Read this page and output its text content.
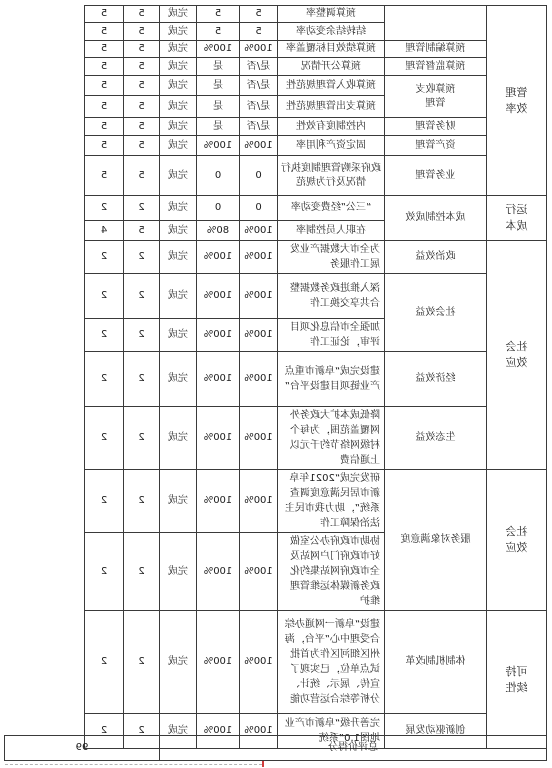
管理效率		预算调整率	5	5	完成	5	5
		结转结余变动率	5	5	完成	5	5
	预算编制管理	预算绩效目标覆盖率	100%	100%	完成	5	5
	预算监督管理	预算公开情况	是/否	是	完成	5	5
	预算收支管理	预算收入管理规范性	是/否	是	完成	5	5
		预算支出管理规范性	是/否	是	完成	5	5
	财务管理	内控制度有效性	是/否	是	完成	5	5
	资产管理	固定资产利用率	100%	100%	完成	5	5
	业务管理	政府采购管理制度执行情况及行为规范	0	0	完成	5	5
运行成本	成本控制成效	“三公”经费变动率	0	0	完成	2	2
		在职人员控制率	100%	80%	完成	5	4
社会效应	政治效益	为全市大数据产业发展工作服务	100%	100%	完成	2	2
	社会效益	深入推进政务数据整合共享交换工作	100%	100%	完成	2	2
		加强全市信息化项目评审，论证工作	100%	100%	完成	2	2
	经济效益	建设完成“阜新市重点产业链项目建设平台”	100%	100%	完成	2	2
	生态效益	降低成本扩大政务外网覆盖范围，为每个村级网络节约千元以上通信费	100%	100%	完成	2	2
社会效应	服务对象满意度	研发完成“2021年阜新市居民满意度调查系统”，助力我市民主法治保障工作	100%	100%	完成	2	2
		协助市政府办公室做好市政府门户网站及全市政府网站集约化政务新媒体运维管理维护	100%	100%	完成	2	2
可持续性	体制机制改革	建设“阜新一网通办综合受理中心”平台，海州区细河区作为首批试点单位，已实现了宣传、展示、统计、分析等综合运营功能	100%	100%	完成	2	2
	创新驱动发展	完善升级“阜新市产业地图1.0”系统	100%	100%	完成	2	2
总评价得分	99
